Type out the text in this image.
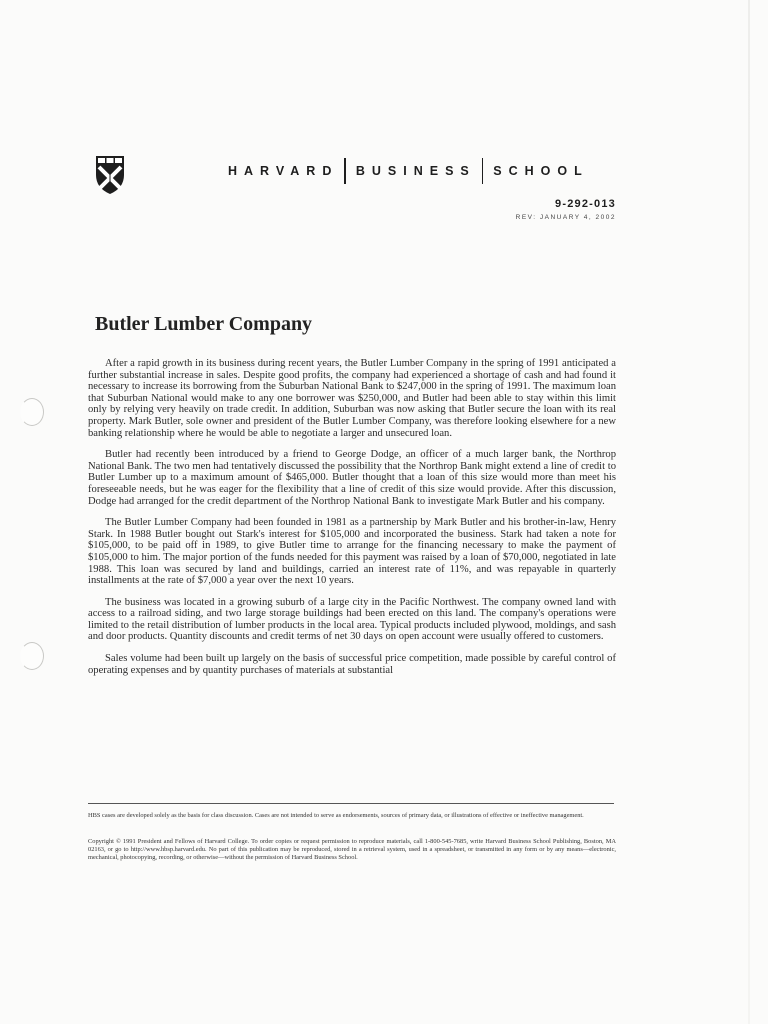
HARVARD BUSINESS SCHOOL
9-292-013
REV: JANUARY 4, 2002
Butler Lumber Company

After a rapid growth in its business during recent years, the Butler Lumber Company in the spring of 1991 anticipated a further substantial increase in sales. Despite good profits, the company had experienced a shortage of cash and had found it necessary to increase its borrowing from the Suburban National Bank to $247,000 in the spring of 1991. The maximum loan that Suburban National would make to any one borrower was $250,000, and Butler had been able to stay within this limit only by relying very heavily on trade credit. In addition, Suburban was now asking that Butler secure the loan with its real property. Mark Butler, sole owner and president of the Butler Lumber Company, was therefore looking elsewhere for a new banking relationship where he would be able to negotiate a larger and unsecured loan.

Butler had recently been introduced by a friend to George Dodge, an officer of a much larger bank, the Northrop National Bank. The two men had tentatively discussed the possibility that the Northrop Bank might extend a line of credit to Butler Lumber up to a maximum amount of $465,000. Butler thought that a loan of this size would more than meet his foreseeable needs, but he was eager for the flexibility that a line of credit of this size would provide. After this discussion, Dodge had arranged for the credit department of the Northrop National Bank to investigate Mark Butler and his company.

The Butler Lumber Company had been founded in 1981 as a partnership by Mark Butler and his brother-in-law, Henry Stark. In 1988 Butler bought out Stark's interest for $105,000 and incorporated the business. Stark had taken a note for $105,000, to be paid off in 1989, to give Butler time to arrange for the financing necessary to make the payment of $105,000 to him. The major portion of the funds needed for this payment was raised by a loan of $70,000, negotiated in late 1988. This loan was secured by land and buildings, carried an interest rate of 11%, and was repayable in quarterly installments at the rate of $7,000 a year over the next 10 years.

The business was located in a growing suburb of a large city in the Pacific Northwest. The company owned land with access to a railroad siding, and two large storage buildings had been erected on this land. The company's operations were limited to the retail distribution of lumber products in the local area. Typical products included plywood, moldings, and sash and door products. Quantity discounts and credit terms of net 30 days on open account were usually offered to customers.

Sales volume had been built up largely on the basis of successful price competition, made possible by careful control of operating expenses and by quantity purchases of materials at substantial

HBS cases are developed solely as the basis for class discussion. Cases are not intended to serve as endorsements, sources of primary data, or illustrations of effective or ineffective management.
Copyright © 1991 President and Fellows of Harvard College. To order copies or request permission to reproduce materials, call 1-800-545-7685, write Harvard Business School Publishing, Boston, MA 02163, or go to http://www.hbsp.harvard.edu. No part of this publication may be reproduced, stored in a retrieval system, used in a spreadsheet, or transmitted in any form or by any means—electronic, mechanical, photocopying, recording, or otherwise—without the permission of Harvard Business School.
